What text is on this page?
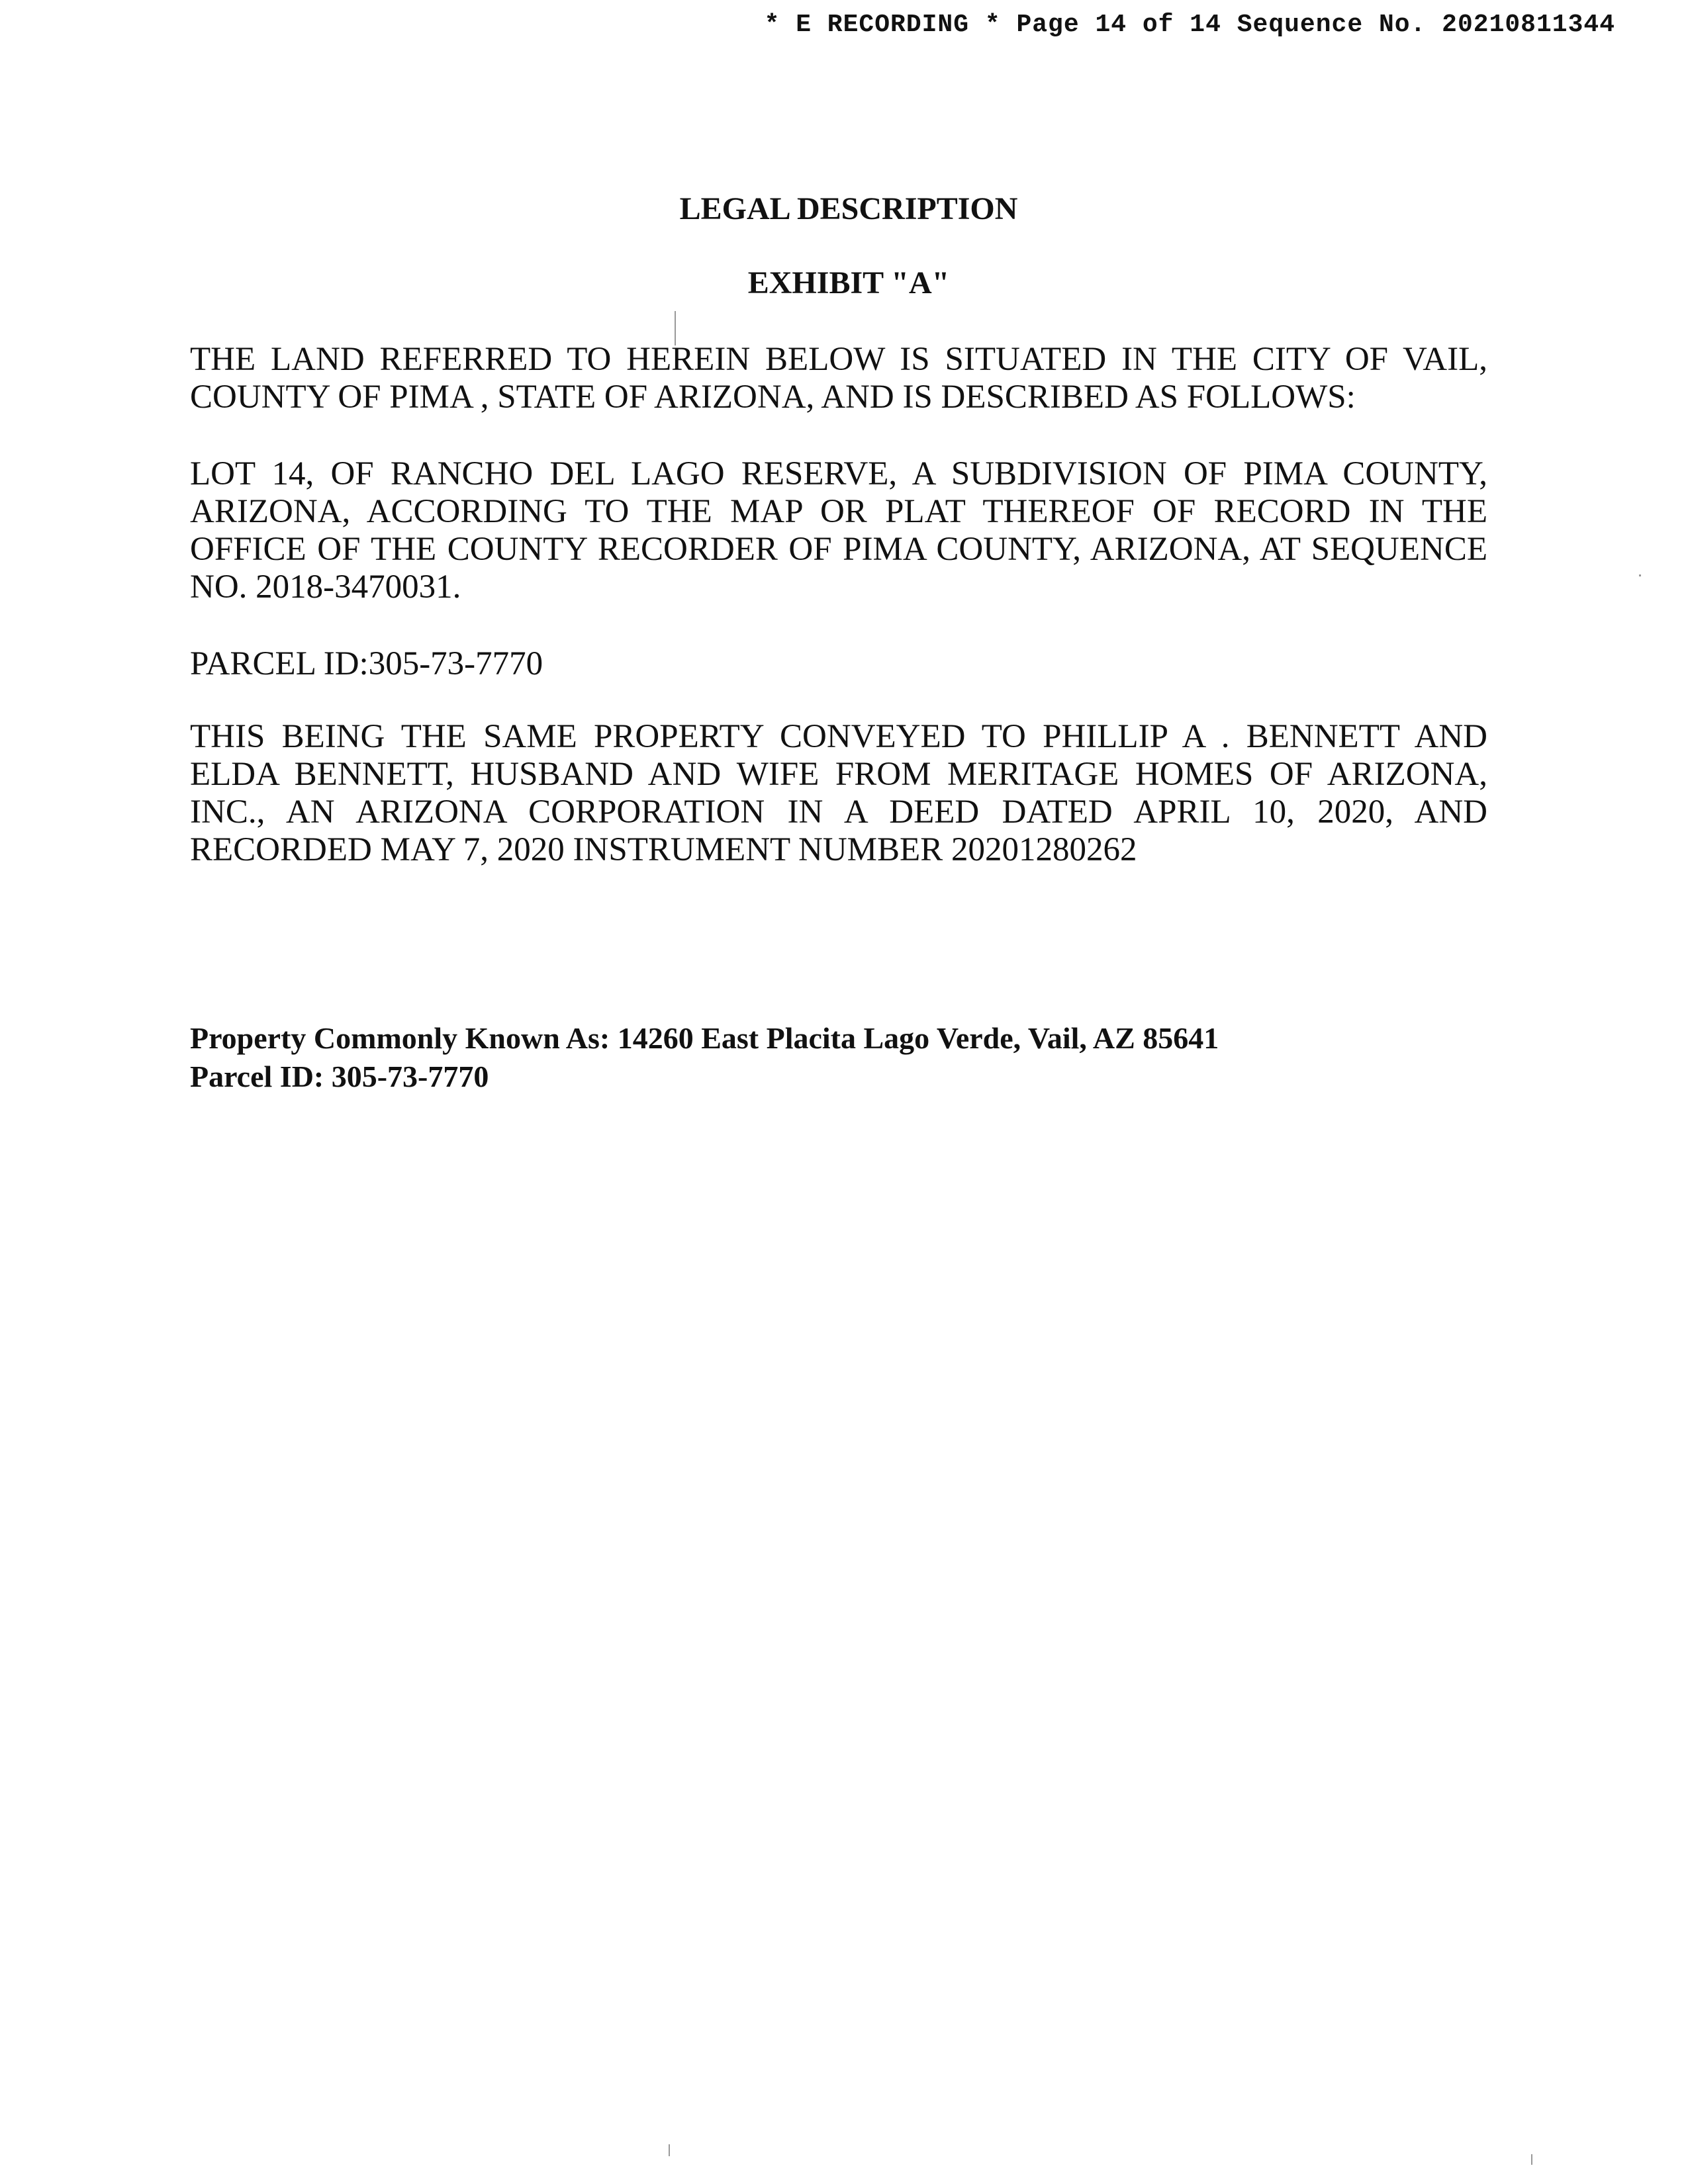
* E RECORDING * Page 14 of 14 Sequence No. 20210811344
LEGAL DESCRIPTION
EXHIBIT "A"
THE LAND REFERRED TO HEREIN BELOW IS SITUATED IN THE CITY OF VAIL, COUNTY OF PIMA , STATE OF ARIZONA, AND IS DESCRIBED AS FOLLOWS:
LOT 14, OF RANCHO DEL LAGO RESERVE, A SUBDIVISION OF PIMA COUNTY, ARIZONA, ACCORDING TO THE MAP OR PLAT THEREOF OF RECORD IN THE OFFICE OF THE COUNTY RECORDER OF PIMA COUNTY, ARIZONA, AT SEQUENCE NO. 2018-3470031.
PARCEL ID:305-73-7770
THIS BEING THE SAME PROPERTY CONVEYED TO PHILLIP A . BENNETT AND ELDA BENNETT, HUSBAND AND WIFE FROM MERITAGE HOMES OF ARIZONA, INC., AN ARIZONA CORPORATION IN A DEED DATED APRIL 10, 2020, AND RECORDED MAY 7, 2020 INSTRUMENT NUMBER 20201280262
Property Commonly Known As: 14260 East Placita Lago Verde, Vail, AZ 85641
Parcel ID: 305-73-7770
